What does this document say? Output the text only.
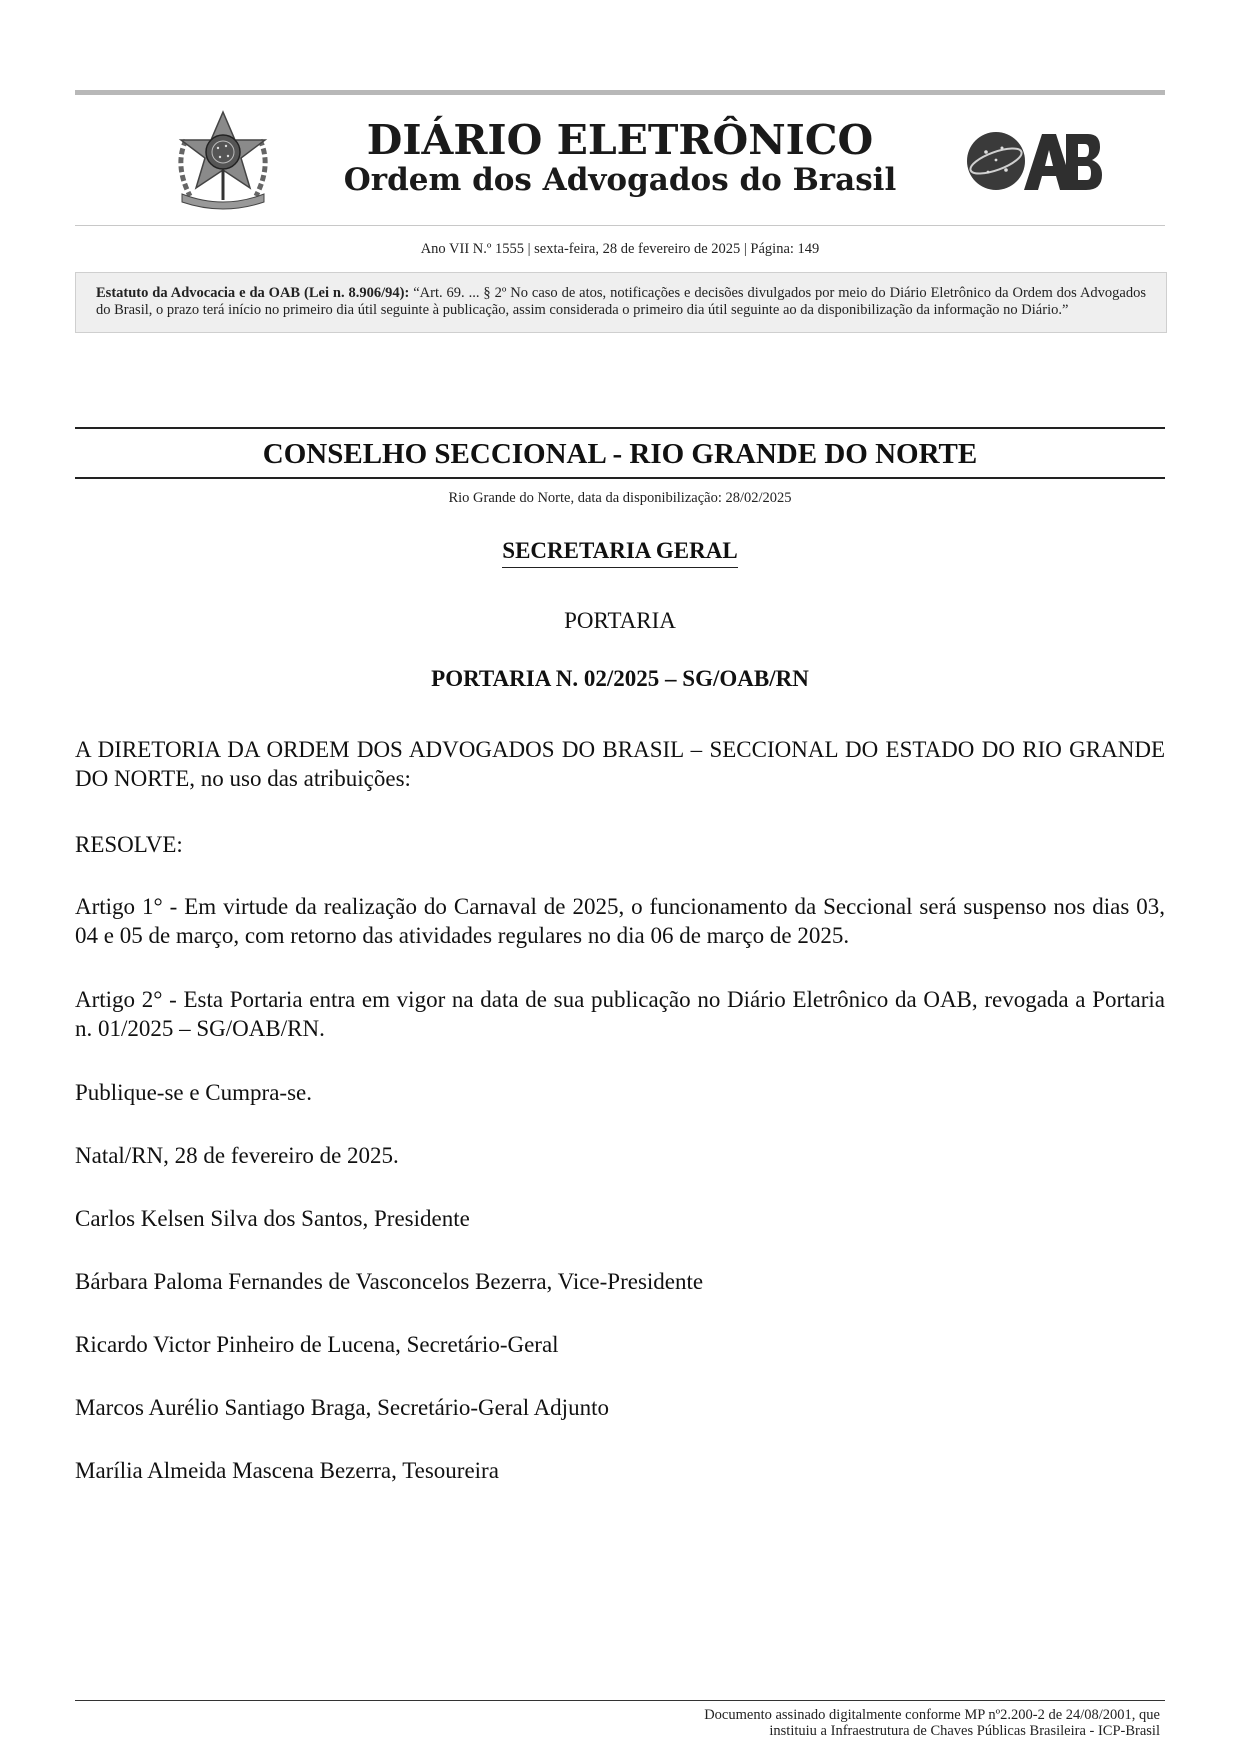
DIÁRIO ELETRÔNICO
Ordem dos Advogados do Brasil
Ano VII N.º 1555 | sexta-feira, 28 de fevereiro de 2025 | Página: 149
Estatuto da Advocacia e da OAB (Lei n. 8.906/94): “Art. 69. ... § 2º No caso de atos, notificações e decisões divulgados por meio do Diário Eletrônico da Ordem dos Advogados do Brasil, o prazo terá início no primeiro dia útil seguinte à publicação, assim considerada o primeiro dia útil seguinte ao da disponibilização da informação no Diário.”
CONSELHO SECCIONAL - RIO GRANDE DO NORTE
Rio Grande do Norte, data da disponibilização: 28/02/2025
SECRETARIA GERAL
PORTARIA
PORTARIA N. 02/2025 – SG/OAB/RN
A DIRETORIA DA ORDEM DOS ADVOGADOS DO BRASIL – SECCIONAL DO ESTADO DO RIO GRANDE DO NORTE, no uso das atribuições:
RESOLVE:
Artigo 1° - Em virtude da realização do Carnaval de 2025, o funcionamento da Seccional será suspenso nos dias 03, 04 e 05 de março, com retorno das atividades regulares no dia 06 de março de 2025.
Artigo 2° - Esta Portaria entra em vigor na data de sua publicação no Diário Eletrônico da OAB, revogada a Portaria n. 01/2025 – SG/OAB/RN.
Publique-se e Cumpra-se.
Natal/RN, 28 de fevereiro de 2025.
Carlos Kelsen Silva dos Santos, Presidente
Bárbara Paloma Fernandes de Vasconcelos Bezerra, Vice-Presidente
Ricardo Victor Pinheiro de Lucena, Secretário-Geral
Marcos Aurélio Santiago Braga, Secretário-Geral Adjunto
Marília Almeida Mascena Bezerra, Tesoureira
Documento assinado digitalmente conforme MP nº2.200-2 de 24/08/2001, que
instituiu a Infraestrutura de Chaves Públicas Brasileira - ICP-Brasil
